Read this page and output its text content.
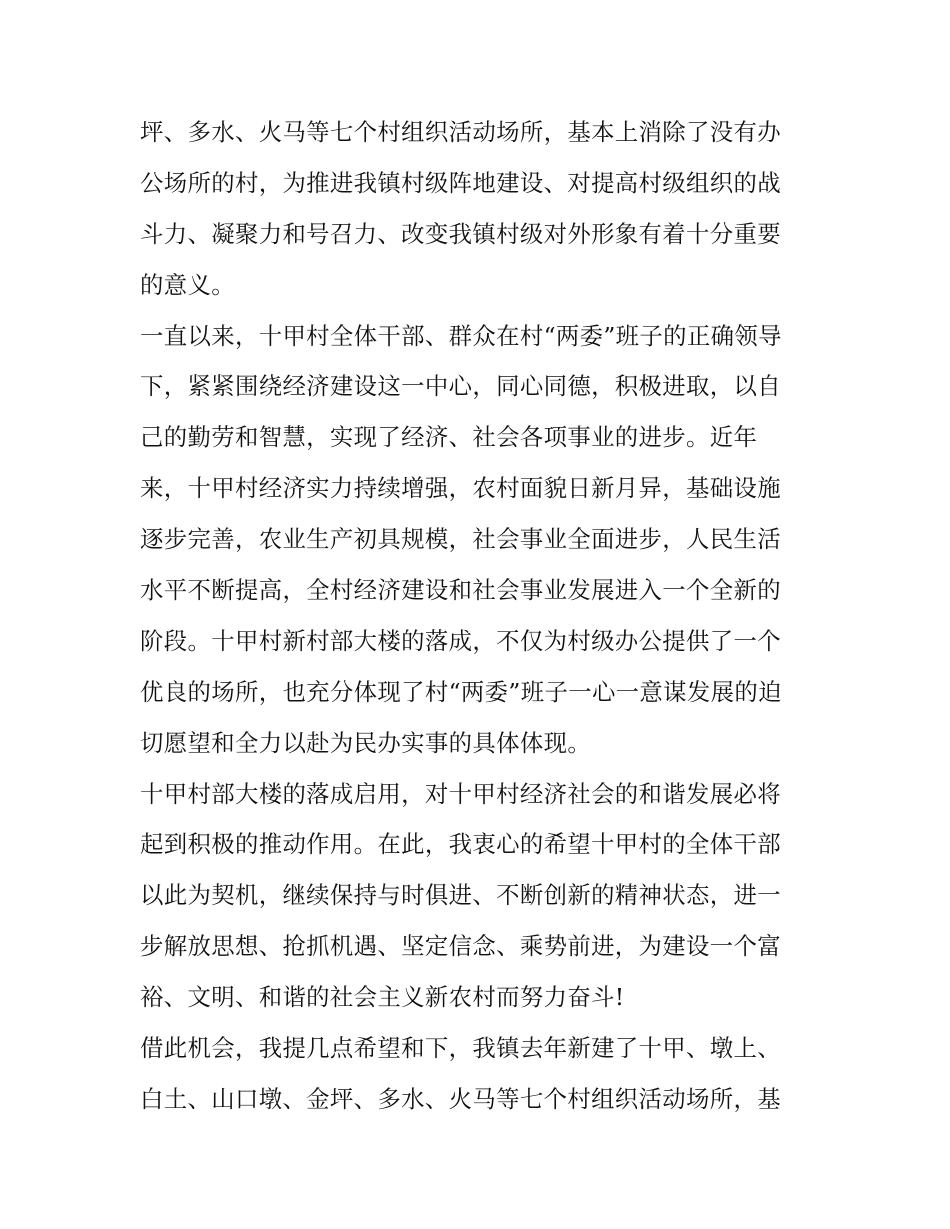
坪、多水、火马等七个村组织活动场所，基本上消除了没有办
公场所的村，为推进我镇村级阵地建设、对提高村级组织的战
斗力、凝聚力和号召力、改变我镇村级对外形象有着十分重要
的意义。
一直以来，十甲村全体干部、群众在村“两委”班子的正确领导
下，紧紧围绕经济建设这一中心，同心同德，积极进取，以自
己的勤劳和智慧，实现了经济、社会各项事业的进步。近年
来，十甲村经济实力持续增强，农村面貌日新月异，基础设施
逐步完善，农业生产初具规模，社会事业全面进步，人民生活
水平不断提高，全村经济建设和社会事业发展进入一个全新的
阶段。十甲村新村部大楼的落成，不仅为村级办公提供了一个
优良的场所，也充分体现了村“两委”班子一心一意谋发展的迫
切愿望和全力以赴为民办实事的具体体现。
十甲村部大楼的落成启用，对十甲村经济社会的和谐发展必将
起到积极的推动作用。在此，我衷心的希望十甲村的全体干部
以此为契机，继续保持与时俱进、不断创新的精神状态，进一
步解放思想、抢抓机遇、坚定信念、乘势前进，为建设一个富
裕、文明、和谐的社会主义新农村而努力奋斗!
借此机会，我提几点希望和下，我镇去年新建了十甲、墩上、
白土、山口墩、金坪、多水、火马等七个村组织活动场所，基
